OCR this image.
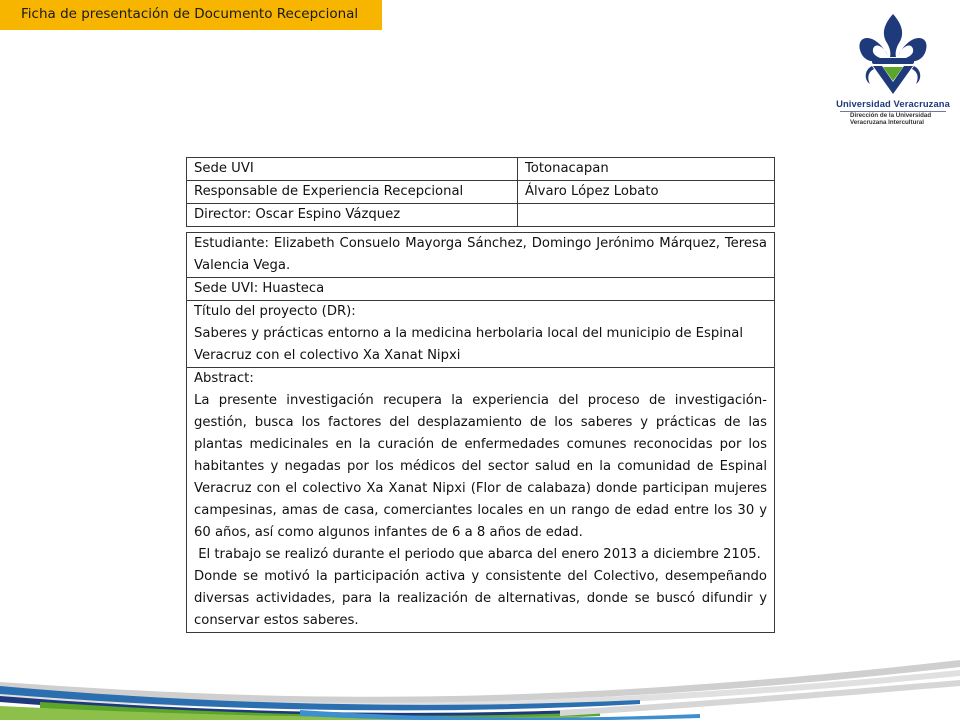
Ficha de presentación de Documento Recepcional
Universidad Veracruzana
Dirección de la Universidad
Veracruzana Intercultural
Sede UVI	Totonacapan
Responsable de Experiencia Recepcional	Álvaro López Lobato
Director: Oscar Espino Vázquez	
Estudiante: Elizabeth Consuelo Mayorga Sánchez, Domingo Jerónimo Márquez, Teresa Valencia Vega.
Sede UVI: Huasteca

Título del proyecto (DR):
Saberes y prácticas entorno a la medicina herbolaria local del municipio de Espinal Veracruz con el colectivo Xa Xanat Nipxi

Abstract:
La presente investigación recupera la experiencia del proceso de investigación-gestión, busca los factores del desplazamiento de los saberes y prácticas de las plantas medicinales en la curación de enfermedades comunes reconocidas por los habitantes y negadas por los médicos del sector salud en la comunidad de Espinal Veracruz con el colectivo Xa Xanat Nipxi (Flor de calabaza) donde participan mujeres campesinas, amas de casa, comerciantes locales en un rango de edad entre los 30 y 60 años, así como algunos infantes de 6 a 8 años de edad.
El trabajo se realizó durante el periodo que abarca del enero 2013 a diciembre 2105.
Donde se motivó la participación activa y consistente del Colectivo, desempeñando diversas actividades, para la realización de alternativas, donde se buscó difundir y conservar estos saberes.
